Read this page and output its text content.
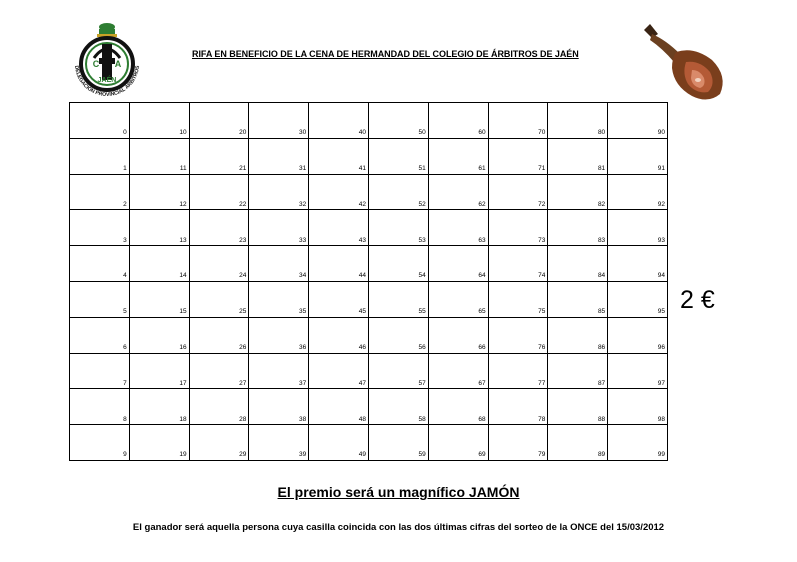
C A
JAÉN
DELEGACIÓN PROVINCIAL ÁRBITROS
RIFA EN BENEFICIO DE LA CENA DE HERMANDAD DEL COLEGIO DE ÁRBITROS DE JAÉN
0	10	20	30	40	50	60	70	80	90

1	11	21	31	41	51	61	71	81	91

2	12	22	32	42	52	62	72	82	92

3	13	23	33	43	53	63	73	83	93

4	14	24	34	44	54	64	74	84	94

5	15	25	35	45	55	65	75	85	95

6	16	26	36	46	56	66	76	86	96

7	17	27	37	47	57	67	77	87	97

8	18	28	38	48	58	68	78	88	98

9	19	29	39	49	59	69	79	89	99
2 €
El premio será un magnífico JAMÓN
El ganador será aquella persona cuya casilla coincida con las dos últimas cifras del sorteo de la ONCE del 15/03/2012
